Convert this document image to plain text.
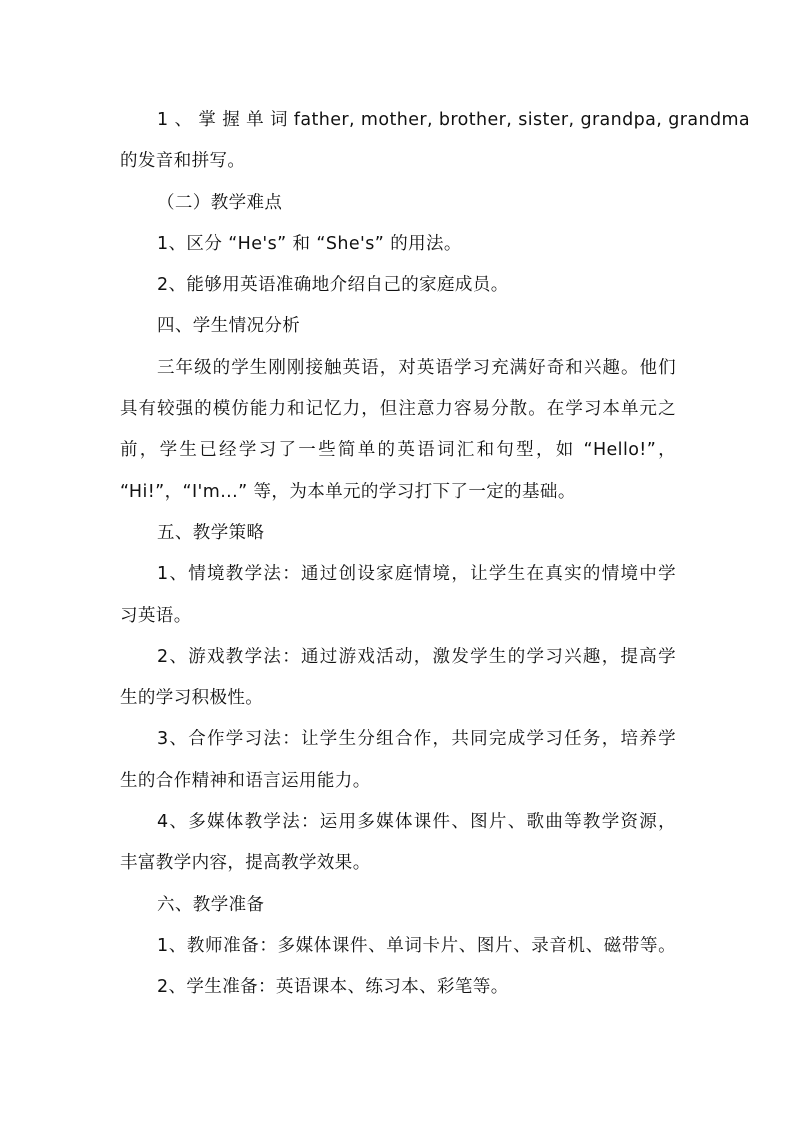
1 、 掌 握 单 词 father, mother, brother, sister, grandpa, grandma
的发音和拼写。
（二）教学难点
1、区分 “He's” 和 “She's” 的用法。
2、能够用英语准确地介绍自己的家庭成员。
四、学生情况分析
三年级的学生刚刚接触英语，对英语学习充满好奇和兴趣。他们
具有较强的模仿能力和记忆力，但注意力容易分散。在学习本单元之
前，学生已经学习了一些简单的英语词汇和句型，如 “Hello!”，
“Hi!”，“I'm...” 等，为本单元的学习打下了一定的基础。
五、教学策略
1、情境教学法：通过创设家庭情境，让学生在真实的情境中学
习英语。
2、游戏教学法：通过游戏活动，激发学生的学习兴趣，提高学
生的学习积极性。
3、合作学习法：让学生分组合作，共同完成学习任务，培养学
生的合作精神和语言运用能力。
4、多媒体教学法：运用多媒体课件、图片、歌曲等教学资源，
丰富教学内容，提高教学效果。
六、教学准备
1、教师准备：多媒体课件、单词卡片、图片、录音机、磁带等。
2、学生准备：英语课本、练习本、彩笔等。
